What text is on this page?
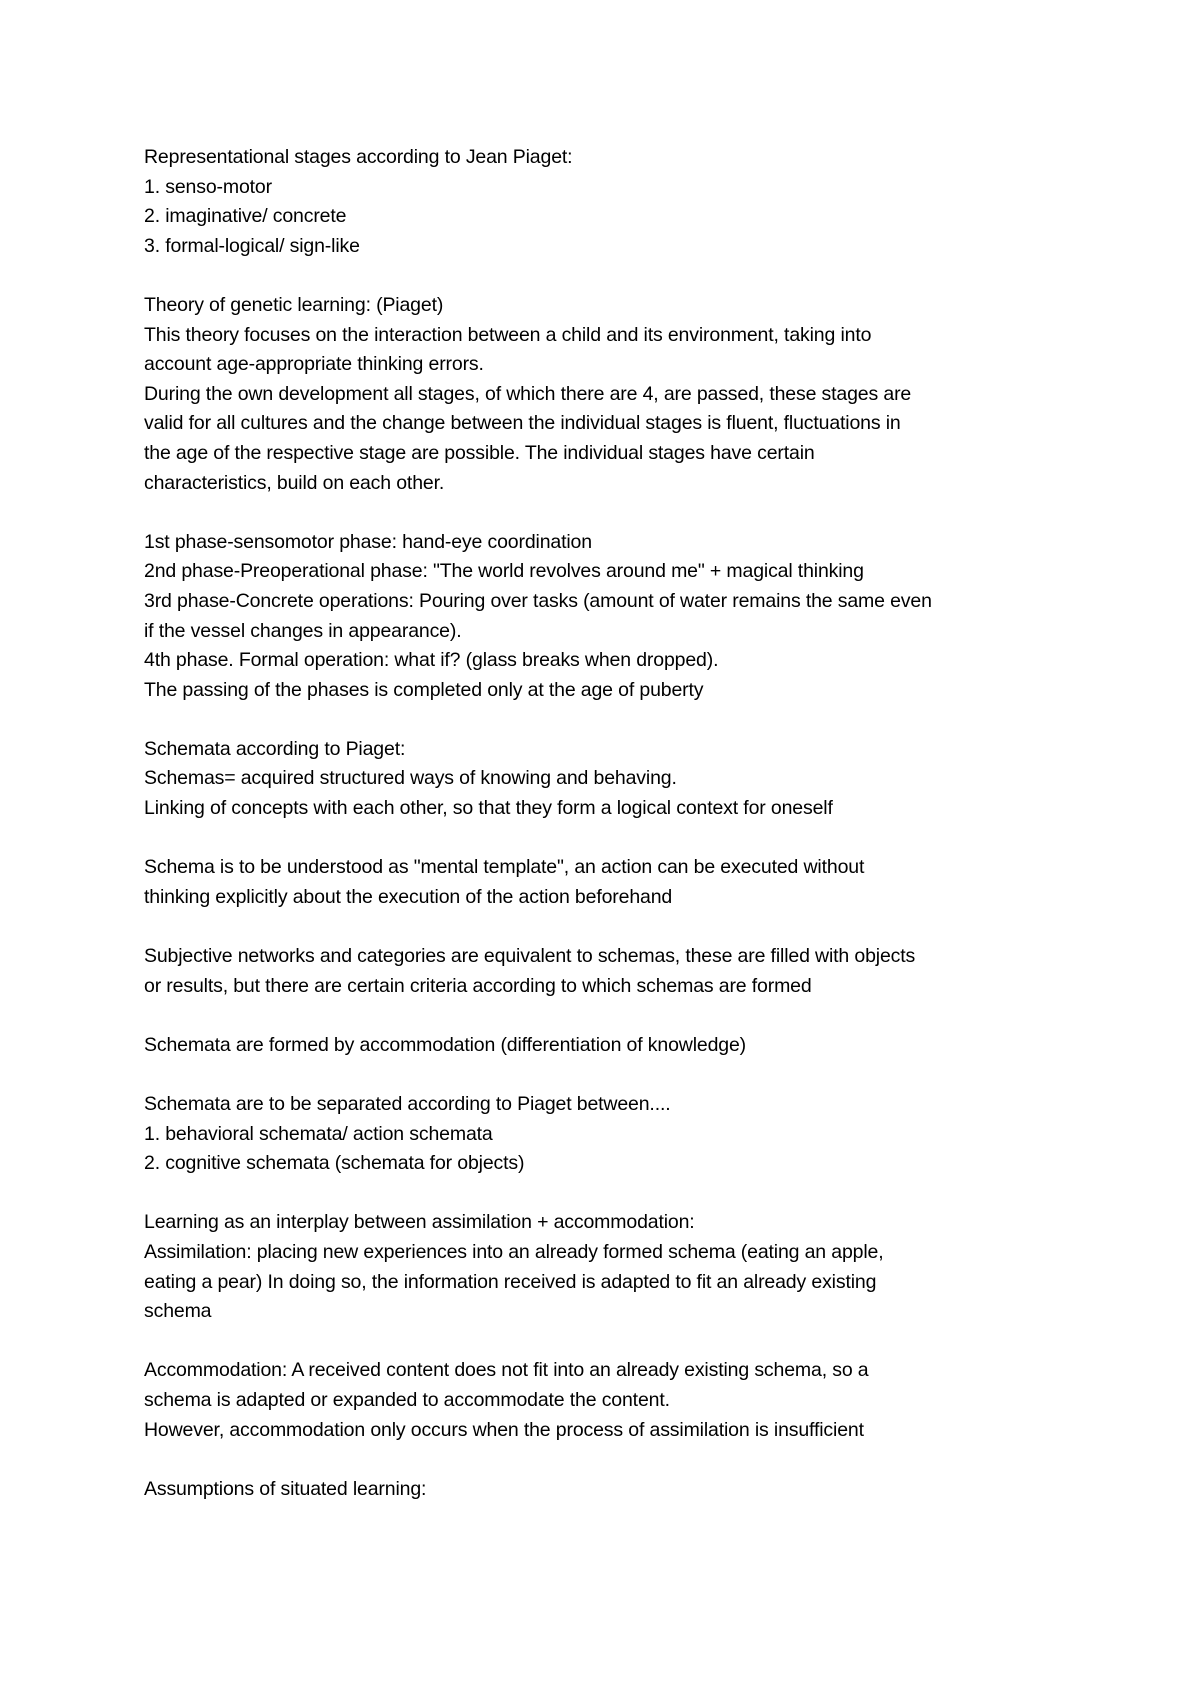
Representational stages according to Jean Piaget:
1. senso-motor
2. imaginative/ concrete
3. formal-logical/ sign-like
Theory of genetic learning: (Piaget)
This theory focuses on the interaction between a child and its environment, taking into
account age-appropriate thinking errors.
During the own development all stages, of which there are 4, are passed, these stages are
valid for all cultures and the change between the individual stages is fluent, fluctuations in
the age of the respective stage are possible. The individual stages have certain
characteristics, build on each other.
1st phase-sensomotor phase: hand-eye coordination
2nd phase-Preoperational phase: "The world revolves around me" + magical thinking
3rd phase-Concrete operations: Pouring over tasks (amount of water remains the same even
if the vessel changes in appearance).
4th phase. Formal operation: what if? (glass breaks when dropped).
The passing of the phases is completed only at the age of puberty
Schemata according to Piaget:
Schemas= acquired structured ways of knowing and behaving.
Linking of concepts with each other, so that they form a logical context for oneself
Schema is to be understood as "mental template", an action can be executed without
thinking explicitly about the execution of the action beforehand
Subjective networks and categories are equivalent to schemas, these are filled with objects
or results, but there are certain criteria according to which schemas are formed
Schemata are formed by accommodation (differentiation of knowledge)
Schemata are to be separated according to Piaget between....
1. behavioral schemata/ action schemata
2. cognitive schemata (schemata for objects)
Learning as an interplay between assimilation + accommodation:
Assimilation: placing new experiences into an already formed schema (eating an apple,
eating a pear) In doing so, the information received is adapted to fit an already existing
schema
Accommodation: A received content does not fit into an already existing schema, so a
schema is adapted or expanded to accommodate the content.
However, accommodation only occurs when the process of assimilation is insufficient
Assumptions of situated learning:
